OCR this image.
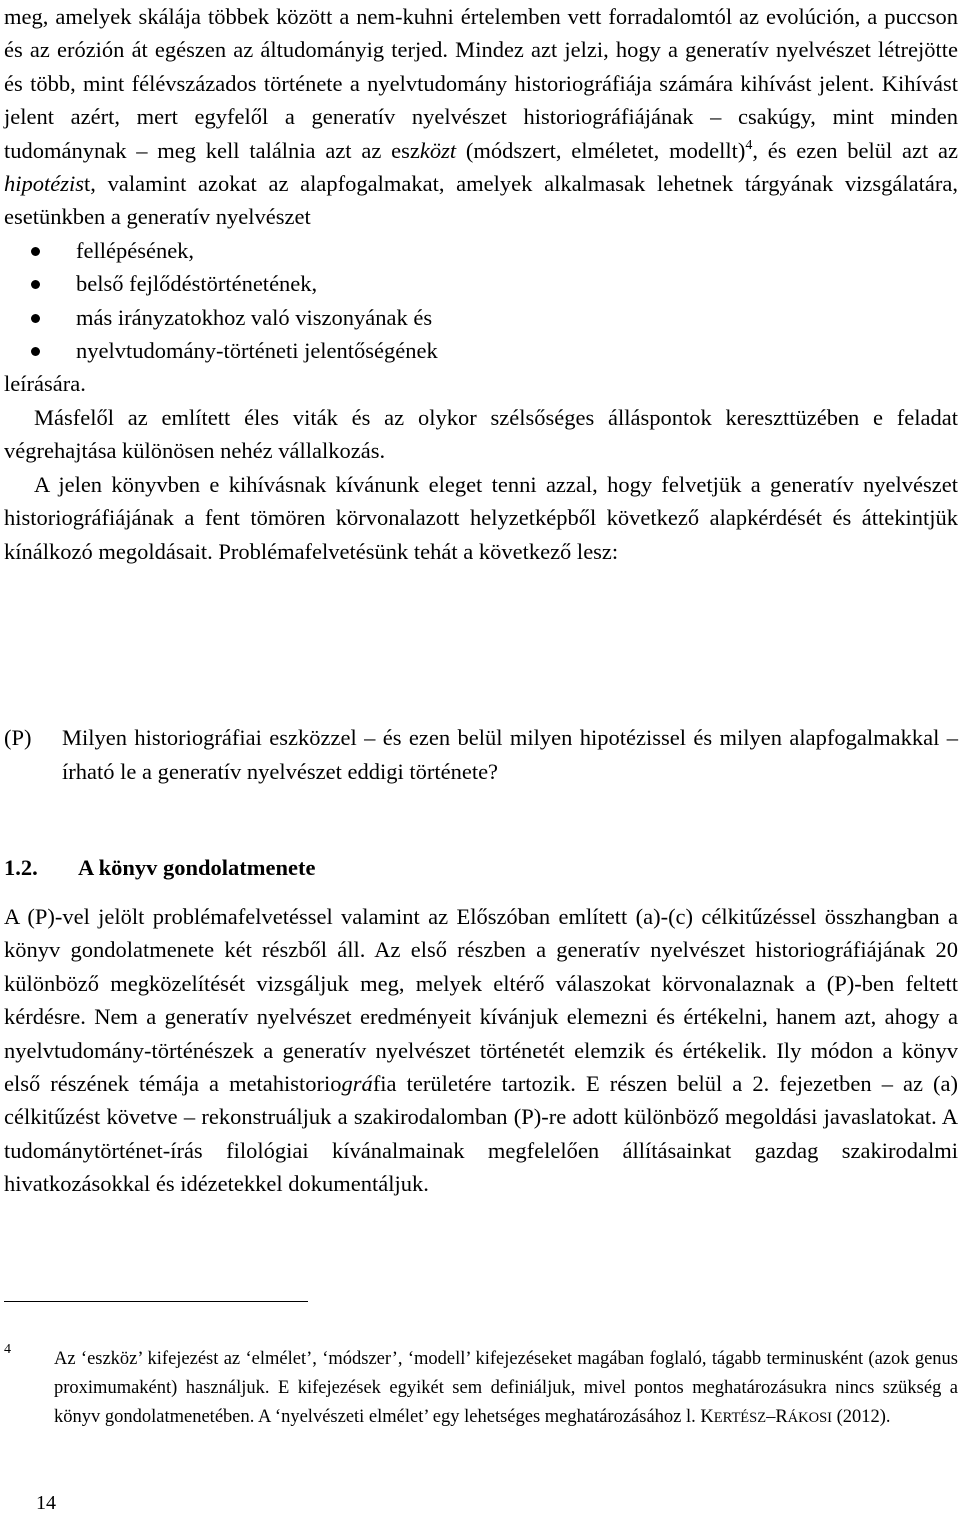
meg, amelyek skálája többek között a nem-kuhni értelemben vett forradalomtól az evolúción, a puccson és az erózión át egészen az áltudományig terjed. Mindez azt jelzi, hogy a generatív nyelvészet létrejötte és több, mint félévszázados története a nyelvtudomány historiográfiája számára kihívást jelent. Kihívást jelent azért, mert egyfelől a generatív nyelvészet historiográfiájának – csakúgy, mint minden tudománynak – meg kell találnia azt az eszközt (módszert, elméletet, modellt)$^4$, és ezen belül azt az hipotézist, valamint azokat az alapfogalmakat, amelyek alkalmasak lehetnek tárgyának vizsgálatára, esetünkben a generatív nyelvészet

fellépésének,
belső fejlődéstörténetének,
más irányzatokhoz való viszonyának és
nyelvtudomány-történeti jelentőségének

leírására.

Másfelől az említett éles viták és az olykor szélsőséges álláspontok kereszttüzében e feladat végrehajtása különösen nehéz vállalkozás.

A jelen könyvben e kihívásnak kívánunk eleget tenni azzal, hogy felvetjük a generatív nyelvészet historiográfiájának a fent tömören körvonalazott helyzetképből következő alapkérdését és áttekintjük kínálkozó megoldásait. Problémafelvetésünk tehát a következő lesz:

(P) Milyen historiográfiai eszközzel – és ezen belül milyen hipotézissel és milyen alapfogalmakkal – írható le a generatív nyelvészet eddigi története?
1.2. A könyv gondolatmenete
A (P)-vel jelölt problémafelvetéssel valamint az Előszóban említett (a)-(c) célkitűzéssel összhangban a könyv gondolatmenete két részből áll. Az első részben a generatív nyelvészet historiográfiájának 20 különböző megközelítését vizsgáljuk meg, melyek eltérő válaszokat körvonalaznak a (P)-ben feltett kérdésre. Nem a generatív nyelvészet eredményeit kívánjuk elemezni és értékelni, hanem azt, ahogy a nyelvtudomány-történészek a generatív nyelvészet történetét elemzik és értékelik. Ily módon a könyv első részének témája a metahistoriográfia területére tartozik. E részen belül a 2. fejezetben – az (a) célkitűzést követve – rekonstruáljuk a szakirodalomban (P)-re adott különböző megoldási javaslatokat. A tudománytörténet-írás filológiai kívánalmainak megfelelően állításainkat gazdag szakirodalmi hivatkozásokkal és idézetekkel dokumentáljuk.
4 Az ‘eszköz’ kifejezést az ‘elmélet’, ‘módszer’, ‘modell’ kifejezéseket magában foglaló, tágabb terminusként (azok genus proximumaként) használjuk. E kifejezések egyikét sem definiáljuk, mivel pontos meghatározásukra nincs szükség a könyv gondolatmenetében. A ‘nyelvészeti elmélet’ egy lehetséges meghatározásához l. KERTÉSZ–RÁKOSI (2012).
14
